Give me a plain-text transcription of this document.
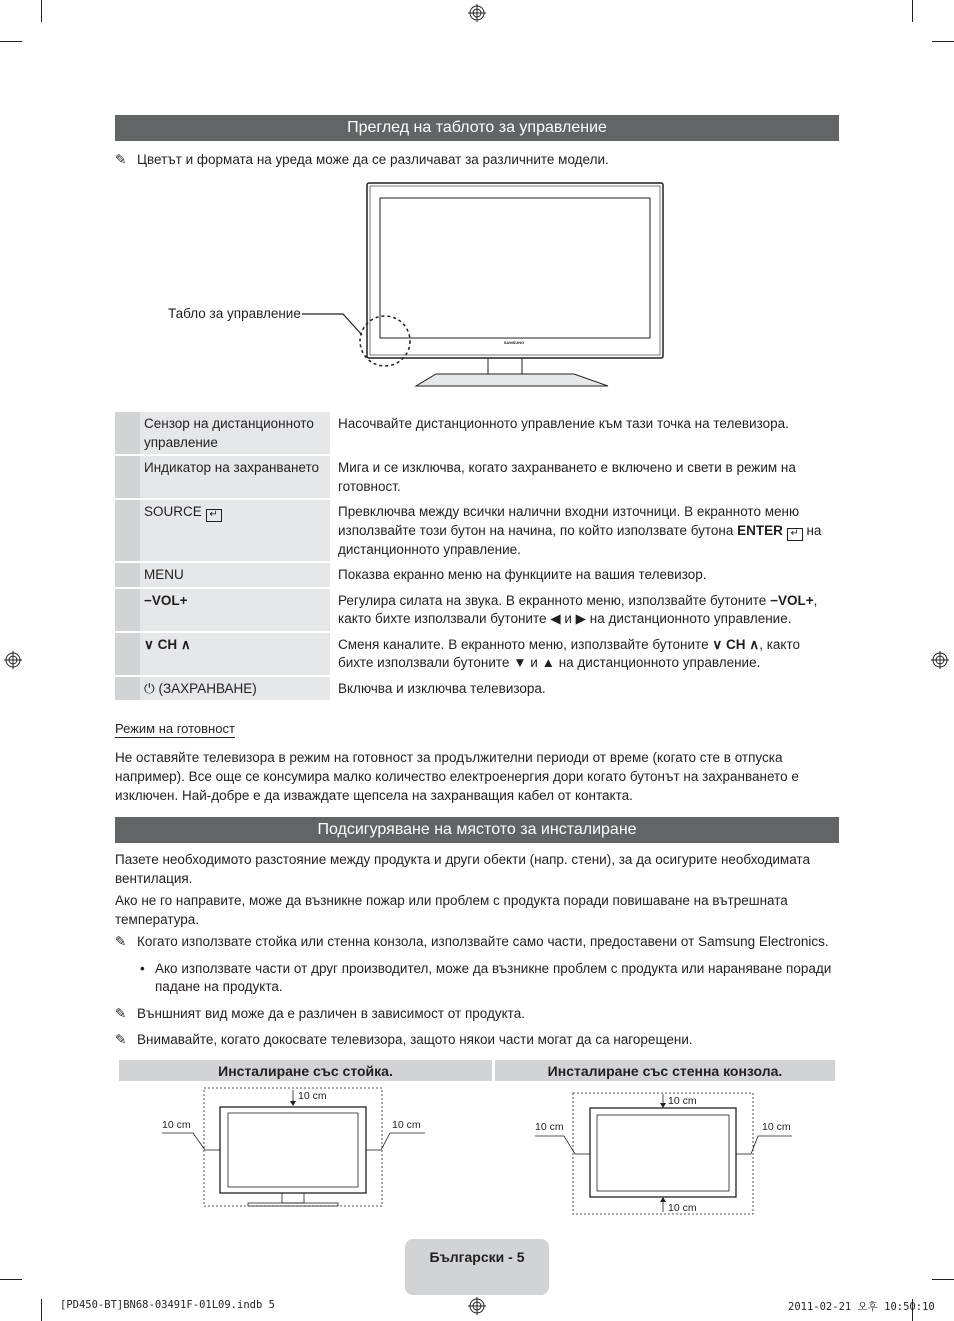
Преглед на таблото за управление
✎ Цветът и формата на уреда може да се различават за различните модели.
SAMSUNG
Табло за управление
	Сензор на дистанционното управление	Насочвайте дистанционното управление към тази точка на телевизора.
	Индикатор на захранването	Мига и се изключва, когато захранването е включено и свети в режим на готовност.
	SOURCE ↵	Превключва между всички налични входни източници. В екранното меню използвайте този бутон на начина, по който използвате бутона ENTER ↵ на дистанционното управление.
	MENU	Показва екранно меню на функциите на вашия телевизор.
	−VOL+	Регулира силата на звука. В екранното меню, използвайте бутоните −VOL+, както бихте използвали бутоните ◀ и ▶ на дистанционното управление.
	∨ CH ∧	Сменя каналите. В екранното меню, използвайте бутоните ∨ CH ∧, както бихте използвали бутоните ▼ и ▲ на дистанционното управление.
	⏻ (ЗАХРАНВАНЕ)	Включва и изключва телевизора.
Режим на готовност
Не оставяйте телевизора в режим на готовност за продължителни периоди от време (когато сте в отпуска например). Все още се консумира малко количество електроенергия дори когато бутонът на захранването е изключен. Най-добре е да изваждате щепсела на захранващия кабел от контакта.
Подсигуряване на мястото за инсталиране
Пазете необходимото разстояние между продукта и други обекти (напр. стени), за да осигурите необходимата вентилация.
Ако не го направите, може да възникне пожар или проблем с продукта поради повишаване на вътрешната температура.
✎ Когато използвате стойка или стенна конзола, използвайте само части, предоставени от Samsung Electronics.
• Ако използвате части от друг производител, може да възникне проблем с продукта или нараняване поради падане на продукта.
✎ Външният вид може да е различен в зависимост от продукта.
✎ Внимавайте, когато докосвате телевизора, защото някои части могат да са нагорещени.
Инсталиране със стойка.	Инсталиране със стенна конзола.
10 cm
10 cm	10 cm
10 cm
10 cm	10 cm
10 cm
Български - 5
[PD450-BT]BN68-03491F-01L09.indb 5	2011-02-21 오후 10:50:10
